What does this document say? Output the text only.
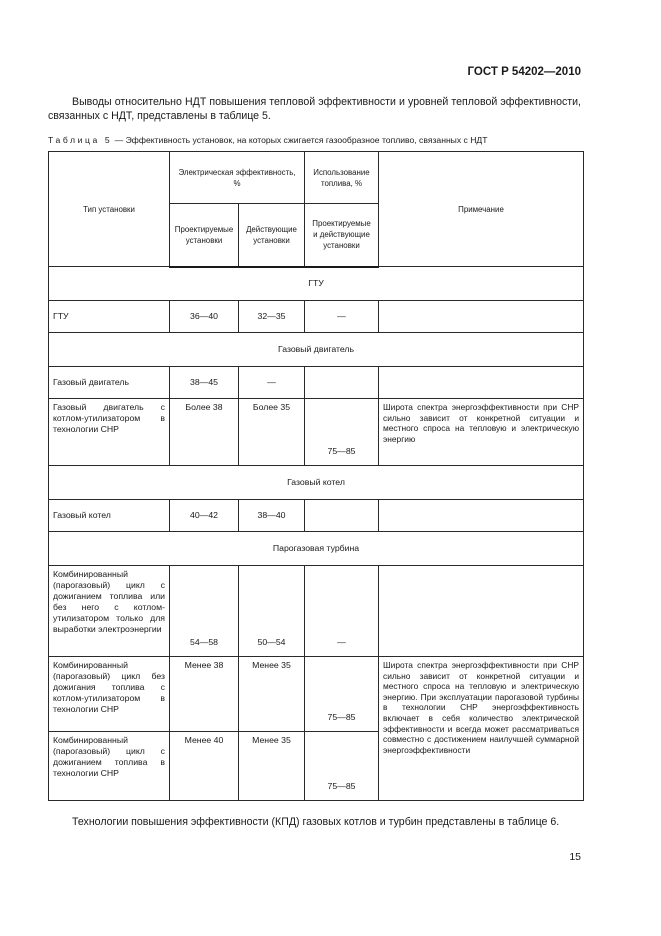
ГОСТ Р 54202—2010

Выводы относительно НДТ повышения тепловой эффективности и уровней тепловой эффективности, связанных с НДТ, представлены в таблице 5.

Таблица 5 — Эффективность установок, на которых сжигается газообразное топливо, связанных с НДТ
Тип установки	Электрическая эффективность, %		Использование топлива, %	Примечание
	Проектируемые установки	Действующие установки	Проектируемые и действующие установки	
ГТУ				
ГТУ	36—40	32—35	—	
Газовый двигатель				
Газовый двигатель	38—45	—		
Газовый двигатель с котлом-утилизатором в технологии CHP	Более 38	Более 35	75—85	Широта спектра энергоэффективности при CHP сильно зависит от конкретной ситуации и местного спроса на тепловую и электрическую энергию
Газовый котел				
Газовый котел	40—42	38—40		
Парогазовая турбина				
Комбинированный (парогазовый) цикл с дожиганием топлива или без него с котлом-утилизатором только для выработки электроэнергии	54—58	50—54	—	
Комбинированный (парогазовый) цикл без дожигания топлива с котлом-утилизатором в технологии CHP	Менее 38	Менее 35	75—85	Широта спектра энергоэффективности при CHP сильно зависит от конкретной ситуации и местного спроса на тепловую и электрическую энергию. При эксплуатации парогазовой турбины в технологии CHP энергоэффективность включает в себя количество электрической эффективности и всегда может рассматриваться совместно с достижением наилучшей суммарной энергоэффективности
Комбинированный (парогазовый) цикл с дожиганием топлива в технологии CHP	Менее 40	Менее 35	75—85	

Технологии повышения эффективности (КПД) газовых котлов и турбин представлены в таблице 6.

15
